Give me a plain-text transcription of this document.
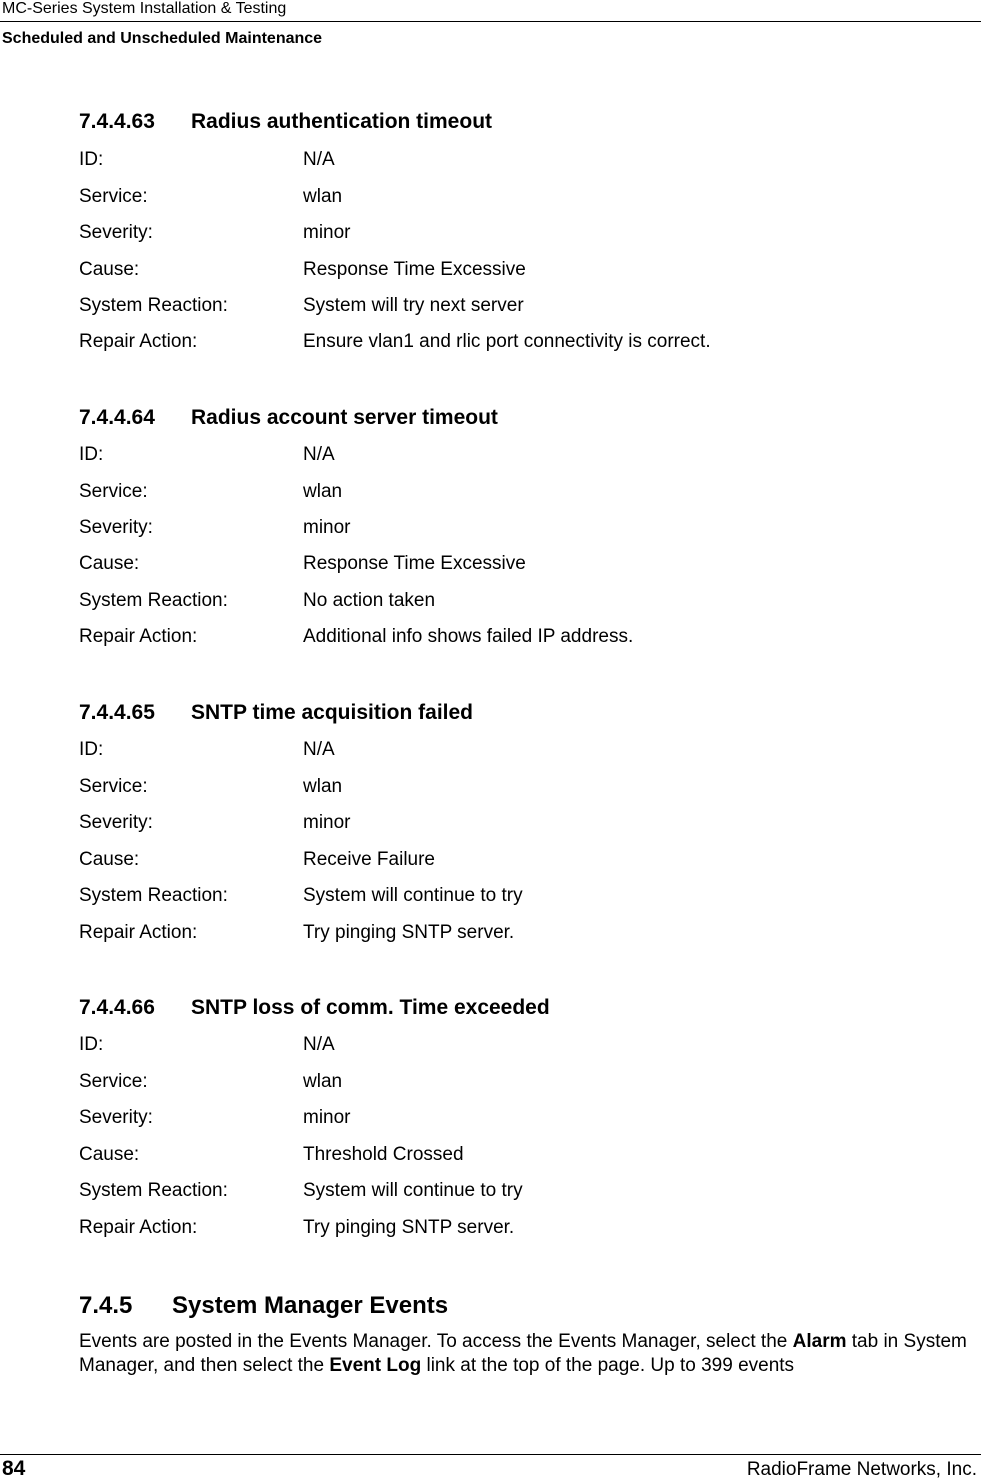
MC-Series System Installation & Testing
Scheduled and Unscheduled Maintenance
7.4.4.63 Radius authentication timeout
ID:	N/A
Service:	wlan
Severity:	minor
Cause:	Response Time Excessive
System Reaction:	System will try next server
Repair Action:	Ensure vlan1 and rlic port connectivity is correct.
7.4.4.64 Radius account server timeout
ID:	N/A
Service:	wlan
Severity:	minor
Cause:	Response Time Excessive
System Reaction:	No action taken
Repair Action:	Additional info shows failed IP address.
7.4.4.65 SNTP time acquisition failed
ID:	N/A
Service:	wlan
Severity:	minor
Cause:	Receive Failure
System Reaction:	System will continue to try
Repair Action:	Try pinging SNTP server.
7.4.4.66 SNTP loss of comm. Time exceeded
ID:	N/A
Service:	wlan
Severity:	minor
Cause:	Threshold Crossed
System Reaction:	System will continue to try
Repair Action:	Try pinging SNTP server.
7.4.5 System Manager Events
Events are posted in the Events Manager. To access the Events Manager, select the Alarm tab in System Manager, and then select the Event Log link at the top of the page. Up to 399 events
84	RadioFrame Networks, Inc.
